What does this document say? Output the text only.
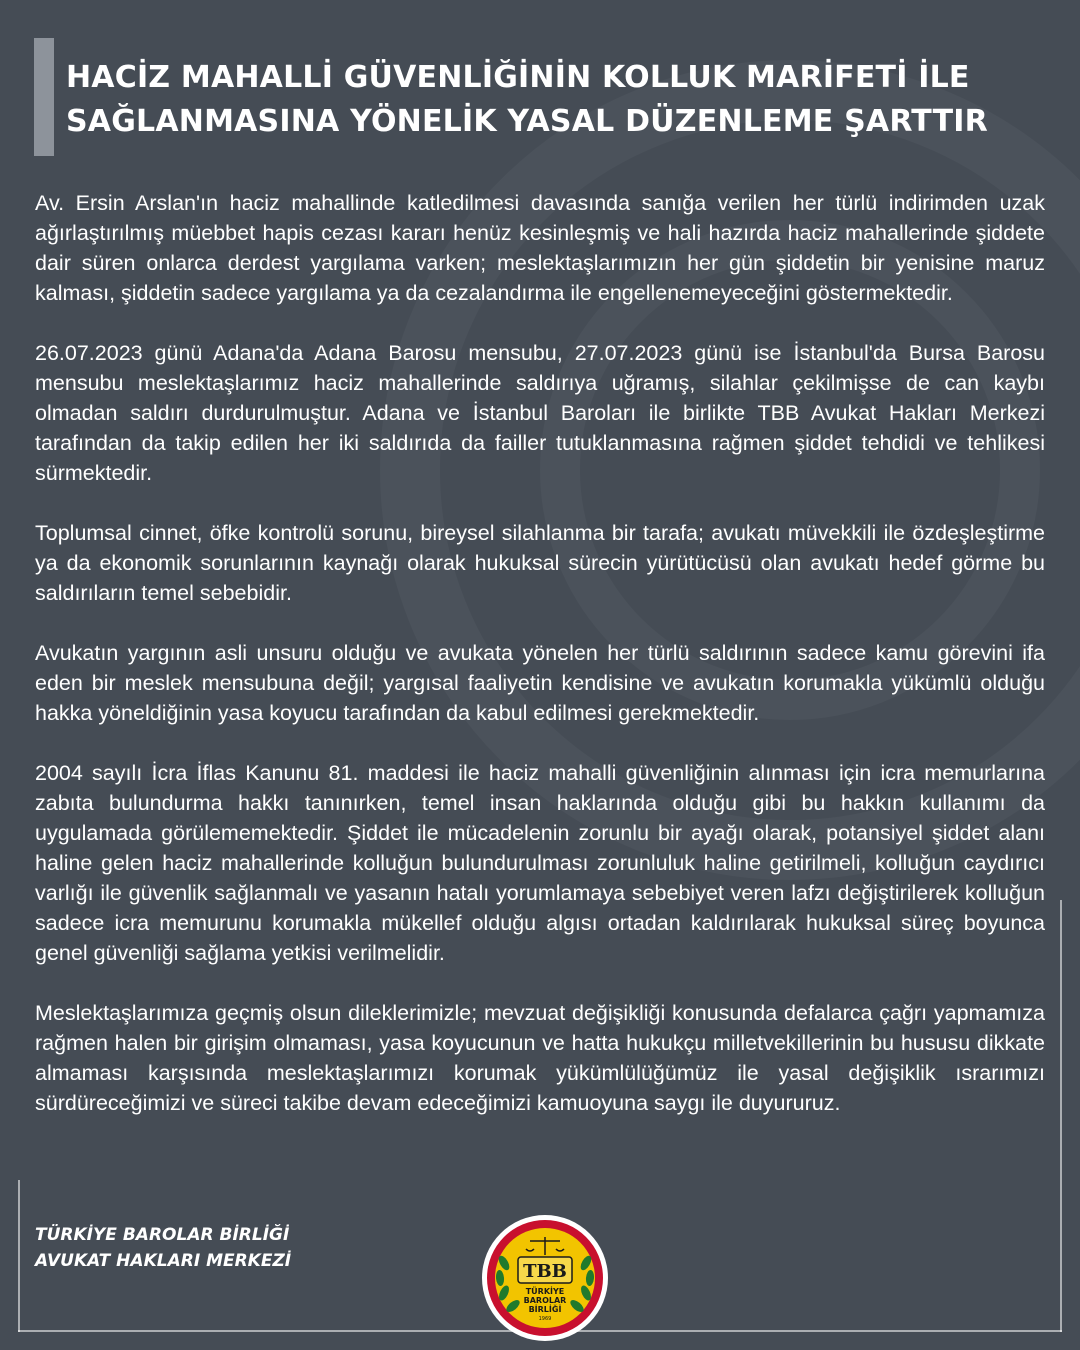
HACİZ MAHALLİ GÜVENLİĞİNİN KOLLUK MARİFETİ İLE
SAĞLANMASINA YÖNELİK YASAL DÜZENLEME ŞARTTIR

Av. Ersin Arslan'ın haciz mahallinde katledilmesi davasında sanığa verilen her türlü indirimden uzak ağırlaştırılmış müebbet hapis cezası kararı henüz kesinleşmiş ve hali hazırda haciz mahallerinde şiddete dair süren onlarca derdest yargılama varken; meslektaşlarımızın her gün şiddetin bir yenisine maruz kalması, şiddetin sadece yargılama ya da cezalandırma ile engellenemeyeceğini göstermektedir.

26.07.2023 günü Adana'da Adana Barosu mensubu, 27.07.2023 günü ise İstanbul'da Bursa Barosu mensubu meslektaşlarımız haciz mahallerinde saldırıya uğramış, silahlar çekilmişse de can kaybı olmadan saldırı durdurulmuştur. Adana ve İstanbul Baroları ile birlikte TBB Avukat Hakları Merkezi tarafından da takip edilen her iki saldırıda da failler tutuklanmasına rağmen şiddet tehdidi ve tehlikesi sürmektedir.

Toplumsal cinnet, öfke kontrolü sorunu, bireysel silahlanma bir tarafa; avukatı müvekkili ile özdeşleştirme ya da ekonomik sorunlarının kaynağı olarak hukuksal sürecin yürütücüsü olan avukatı hedef görme bu saldırıların temel sebebidir.

Avukatın yargının asli unsuru olduğu ve avukata yönelen her türlü saldırının sadece kamu görevini ifa eden bir meslek mensubuna değil; yargısal faaliyetin kendisine ve avukatın korumakla yükümlü olduğu hakka yöneldiğinin yasa koyucu tarafından da kabul edilmesi gerekmektedir.

2004 sayılı İcra İflas Kanunu 81. maddesi ile haciz mahalli güvenliğinin alınması için icra memurlarına zabıta bulundurma hakkı tanınırken, temel insan haklarında olduğu gibi bu hakkın kullanımı da uygulamada görülememektedir. Şiddet ile mücadelenin zorunlu bir ayağı olarak, potansiyel şiddet alanı haline gelen haciz mahallerinde kolluğun bulundurulması zorunluluk haline getirilmeli, kolluğun caydırıcı varlığı ile güvenlik sağlanmalı ve yasanın hatalı yorumlamaya sebebiyet veren lafzı değiştirilerek kolluğun sadece icra memurunu korumakla mükellef olduğu algısı ortadan kaldırılarak hukuksal süreç boyunca genel güvenliği sağlama yetkisi verilmelidir.

Meslektaşlarımıza geçmiş olsun dileklerimizle; mevzuat değişikliği konusunda defalarca çağrı yapmamıza rağmen halen bir girişim olmaması, yasa koyucunun ve hatta hukukçu milletvekillerinin bu hususu dikkate almaması karşısında meslektaşlarımızı korumak yükümlülüğümüz ile yasal değişiklik ısrarımızı sürdüreceğimizi ve süreci takibe devam edeceğimizi kamuoyuna saygı ile duyururuz.

TÜRKİYE BAROLAR BİRLİĞİ
AVUKAT HAKLARI MERKEZİ	TBB
TÜRKİYE
BAROLAR
BİRLİĞİ
1969
